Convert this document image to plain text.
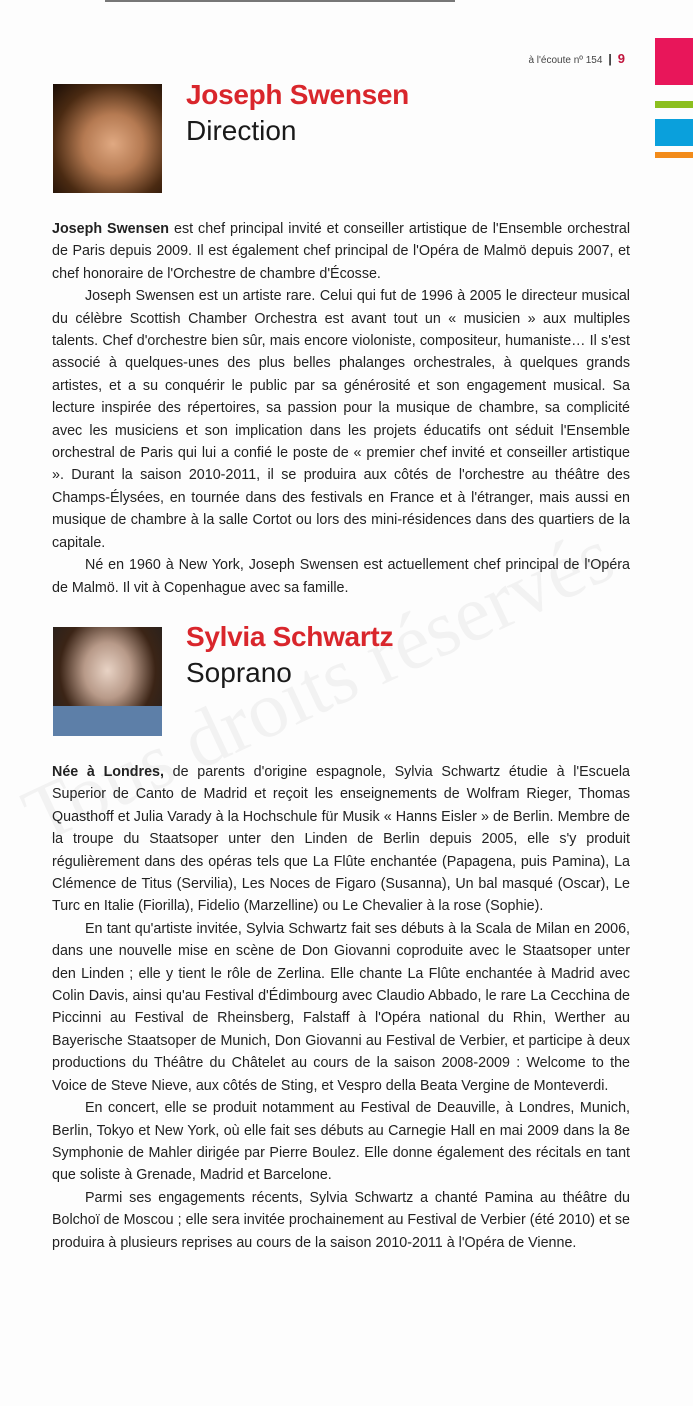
à l'écoute nº 154 | 9
Joseph Swensen
Direction

Joseph Swensen est chef principal invité et conseiller artistique de l'Ensemble orchestral de Paris depuis 2009. Il est également chef principal de l'Opéra de Malmö depuis 2007, et chef honoraire de l'Orchestre de chambre d'Écosse.

Joseph Swensen est un artiste rare. Celui qui fut de 1996 à 2005 le directeur musical du célèbre Scottish Chamber Orchestra est avant tout un « musicien » aux multiples talents. Chef d'orchestre bien sûr, mais encore violoniste, compositeur, humaniste… Il s'est associé à quelques-unes des plus belles phalanges orchestrales, à quelques grands artistes, et a su conquérir le public par sa générosité et son engagement musical. Sa lecture inspirée des répertoires, sa passion pour la musique de chambre, sa complicité avec les musiciens et son implication dans les projets éducatifs ont séduit l'Ensemble orchestral de Paris qui lui a confié le poste de « premier chef invité et conseiller artistique ». Durant la saison 2010-2011, il se produira aux côtés de l'orchestre au théâtre des Champs-Élysées, en tournée dans des festivals en France et à l'étranger, mais aussi en musique de chambre à la salle Cortot ou lors des mini-résidences dans des quartiers de la capitale.

Né en 1960 à New York, Joseph Swensen est actuellement chef principal de l'Opéra de Malmö. Il vit à Copenhague avec sa famille.

Sylvia Schwartz
Soprano

Née à Londres, de parents d'origine espagnole, Sylvia Schwartz étudie à l'Escuela Superior de Canto de Madrid et reçoit les enseignements de Wolfram Rieger, Thomas Quasthoff et Julia Varady à la Hochschule für Musik « Hanns Eisler » de Berlin. Membre de la troupe du Staatsoper unter den Linden de Berlin depuis 2005, elle s'y produit régulièrement dans des opéras tels que La Flûte enchantée (Papagena, puis Pamina), La Clémence de Titus (Servilia), Les Noces de Figaro (Susanna), Un bal masqué (Oscar), Le Turc en Italie (Fiorilla), Fidelio (Marzelline) ou Le Chevalier à la rose (Sophie).

En tant qu'artiste invitée, Sylvia Schwartz fait ses débuts à la Scala de Milan en 2006, dans une nouvelle mise en scène de Don Giovanni coproduite avec le Staatsoper unter den Linden ; elle y tient le rôle de Zerlina. Elle chante La Flûte enchantée à Madrid avec Colin Davis, ainsi qu'au Festival d'Édimbourg avec Claudio Abbado, le rare La Cecchina de Piccinni au Festival de Rheinsberg, Falstaff à l'Opéra national du Rhin, Werther au Bayerische Staatsoper de Munich, Don Giovanni au Festival de Verbier, et participe à deux productions du Théâtre du Châtelet au cours de la saison 2008-2009 : Welcome to the Voice de Steve Nieve, aux côtés de Sting, et Vespro della Beata Vergine de Monteverdi.

En concert, elle se produit notamment au Festival de Deauville, à Londres, Munich, Berlin, Tokyo et New York, où elle fait ses débuts au Carnegie Hall en mai 2009 dans la 8e Symphonie de Mahler dirigée par Pierre Boulez. Elle donne également des récitals en tant que soliste à Grenade, Madrid et Barcelone.

Parmi ses engagements récents, Sylvia Schwartz a chanté Pamina au théâtre du Bolchoï de Moscou ; elle sera invitée prochainement au Festival de Verbier (été 2010) et se produira à plusieurs reprises au cours de la saison 2010-2011 à l'Opéra de Vienne.
